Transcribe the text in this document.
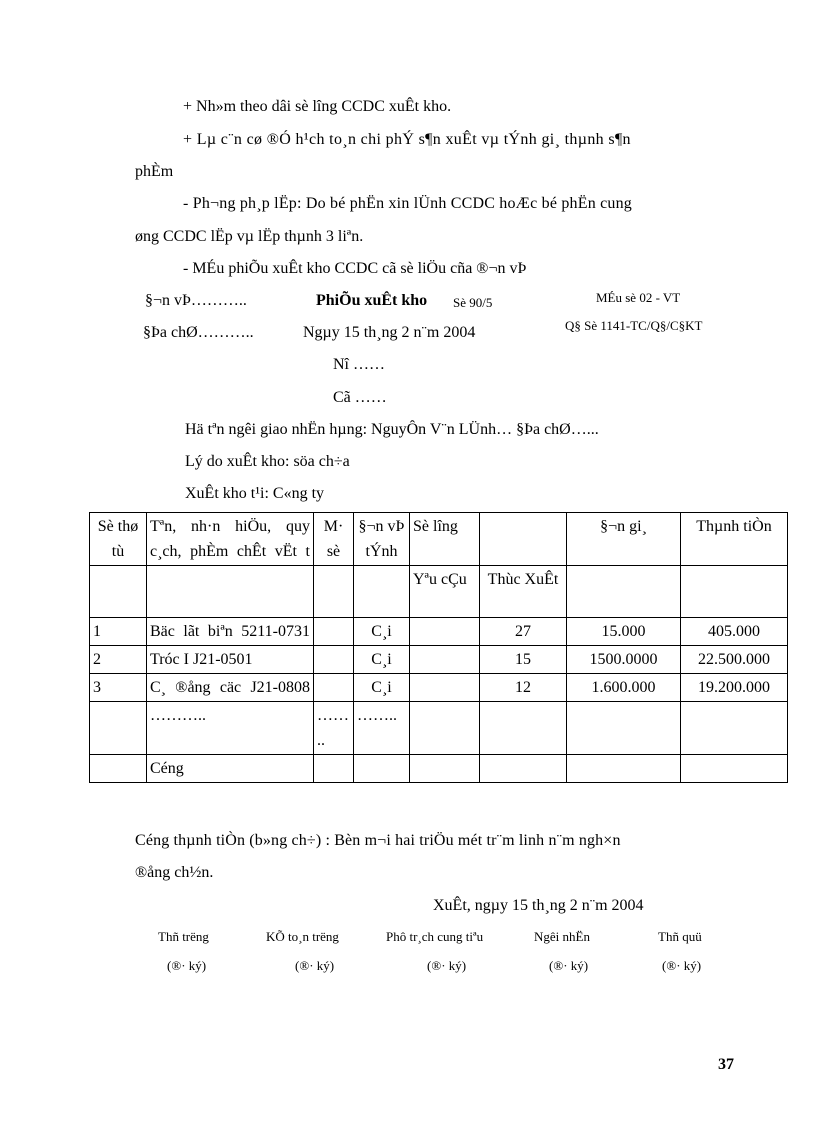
+ Nh»m theo dâi sè lîng CCDC xuÊt kho.
+ Lµ c¨n cø ®Ó h¹ch to¸n chi phÝ s¶n xuÊt vµ tÝnh gi¸ thµnh s¶n
phÈm
- Ph¬ng ph¸p lËp: Do bé phËn xin lÜnh CCDC hoÆc bé phËn cung
øng CCDC lËp vµ lËp thµnh 3 liªn.
- MÉu phiÕu xuÊt kho CCDC cã sè liÖu cña ®¬n vÞ
§¬n vÞ………..	PhiÕu xuÊt kho Sè 90/5	MÉu sè 02 - VT
Q§ Sè 1141-TC/Q§/C§KT
§Þa chØ………..	Ngµy 15 th¸ng 2 n¨m 2004
Nî ……
Cã ……
Hä tªn ngêi giao nhËn hµng: NguyÔn V¨n LÜnh… §Þa chØ…...
Lý do xuÊt kho: söa ch÷a
XuÊt kho t¹i: C«ng ty
Sè thø tù	Tªn, nh·n hiÖu, quy c¸ch, phÈm chÊt vËt t	M· sè	§¬n vÞ tÝnh	Sè lîng		§¬n gi¸	Thµnh tiÒn
				Yªu cÇu	Thùc XuÊt		
1	Bäc lãt biªn 5211-0731		C¸i		27	15.000	405.000
2	Tróc I J21-0501		C¸i		15	1500.0000	22.500.000
3	C¸ ®ång cäc J21-0808		C¸i		12	1.600.000	19.200.000
	………..	……..	……..				
	Céng						
Céng thµnh tiÒn (b»ng ch÷) : Bèn m¬i hai triÖu mét tr¨m linh n¨m ngh×n
®ång ch½n.
XuÊt, ngµy 15 th¸ng 2 n¨m 2004
Thñ trëng	KÕ to¸n trëng	Phô tr¸ch cung tiªu	Ngêi nhËn	Thñ quü
(®· ký)	(®· ký)	(®· ký)	(®· ký)	(®· ký)
37
